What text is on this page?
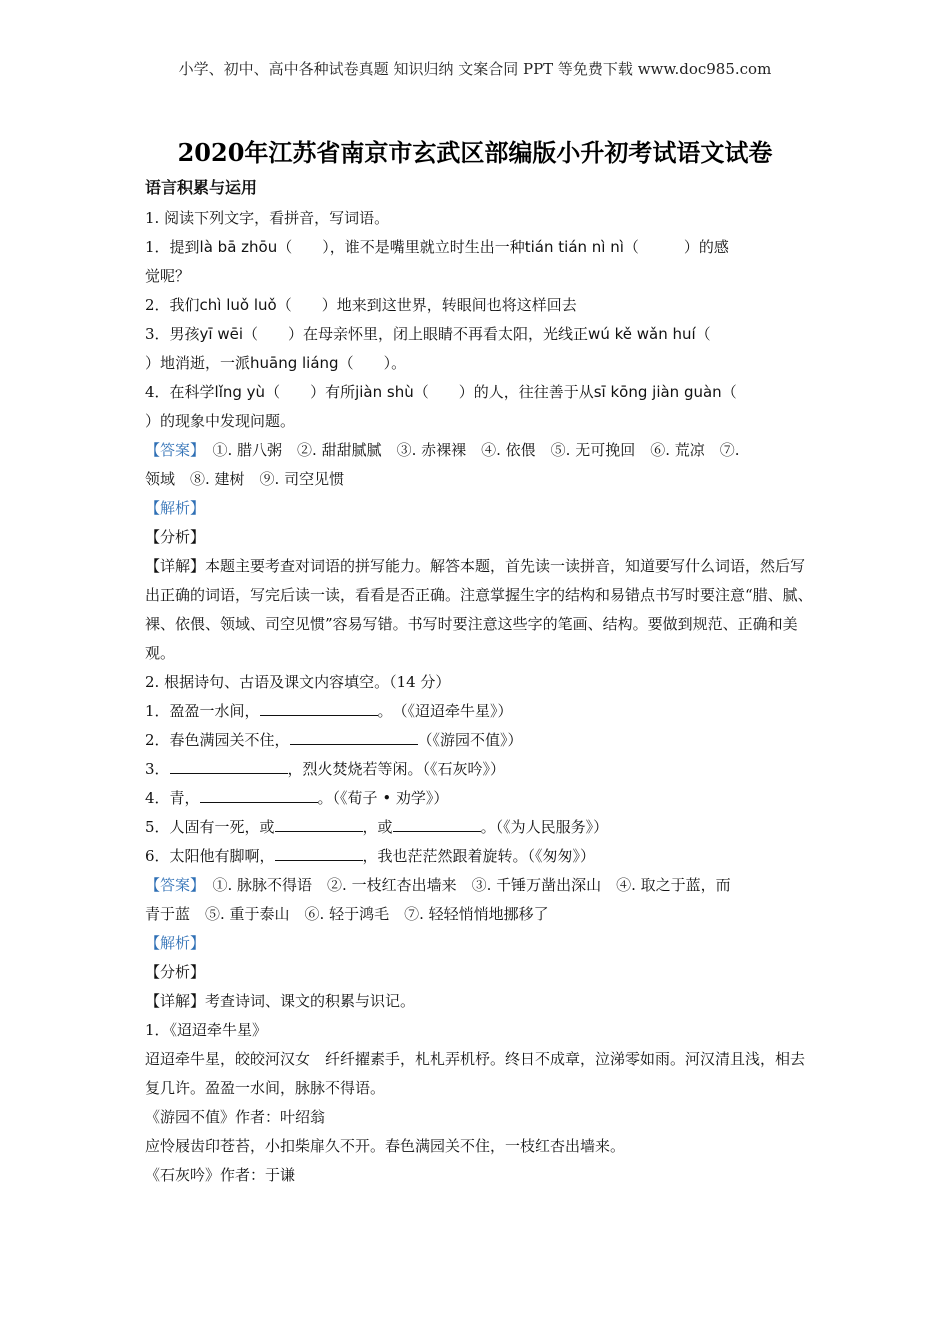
小学、初中、高中各种试卷真题 知识归纳 文案合同 PPT 等免费下载 www.doc985.com
2020年江苏省南京市玄武区部编版小升初考试语文试卷
语言积累与运用
1. 阅读下列文字，看拼音，写词语。
1．提到là bā zhōu（　　），谁不是嘴里就立时生出一种tián tián nì nì（　　　）的感
觉呢？
2．我们chì luǒ luǒ（　　）地来到这世界，转眼间也将这样回去
3．男孩yī wēi（　　）在母亲怀里，闭上眼睛不再看太阳，光线正wú kě wǎn huí（
）地消逝，一派huāng liáng（　　）。
4．在科学lǐng yù（　　）有所jiàn shù（　　）的人，往往善于从sī kōng jiàn guàn（
）的现象中发现问题。
【答案】　①. 腊八粥　②. 甜甜腻腻　③. 赤裸裸　④. 依偎　⑤. 无可挽回　⑥. 荒凉　⑦.
领域　⑧. 建树　⑨. 司空见惯
【解析】
【分析】
【详解】本题主要考查对词语的拼写能力。解答本题，首先读一读拼音，知道要写什么词语，然后写出正确的词语，写完后读一读，看看是否正确。注意掌握生字的结构和易错点书写时要注意“腊、腻、裸、依偎、领域、司空见惯”容易写错。书写时要注意这些字的笔画、结构。要做到规范、正确和美观。
2. 根据诗句、古语及课文内容填空。（14 分）
1．盈盈一水间，	。　（《迢迢牵牛星》）
2．春色满园关不住，	（《游园不值》）
3．	，烈火焚烧若等闲。（《石灰吟》）
4．青，	。（《荀子 • 劝学》）
5．人固有一死，或	，或	。（《为人民服务》）
6．太阳他有脚啊，	，我也茫茫然跟着旋转。（《匆匆》）
【答案】　①. 脉脉不得语　②. 一枝红杏出墙来　③. 千锤万凿出深山　④. 取之于蓝，而
青于蓝　⑤. 重于泰山　⑥. 轻于鸿毛　⑦. 轻轻悄悄地挪移了
【解析】
【分析】
【详解】考查诗词、课文的积累与识记。
1．《迢迢牵牛星》
迢迢牵牛星，皎皎河汉女　纤纤擢素手，札札弄机杼。终日不成章，泣涕零如雨。河汉清且浅，相去复几许。盈盈一水间，脉脉不得语。
《游园不值》作者：叶绍翁
应怜屐齿印苍苔，小扣柴扉久不开。春色满园关不住，一枝红杏出墙来。
《石灰吟》作者：于谦
